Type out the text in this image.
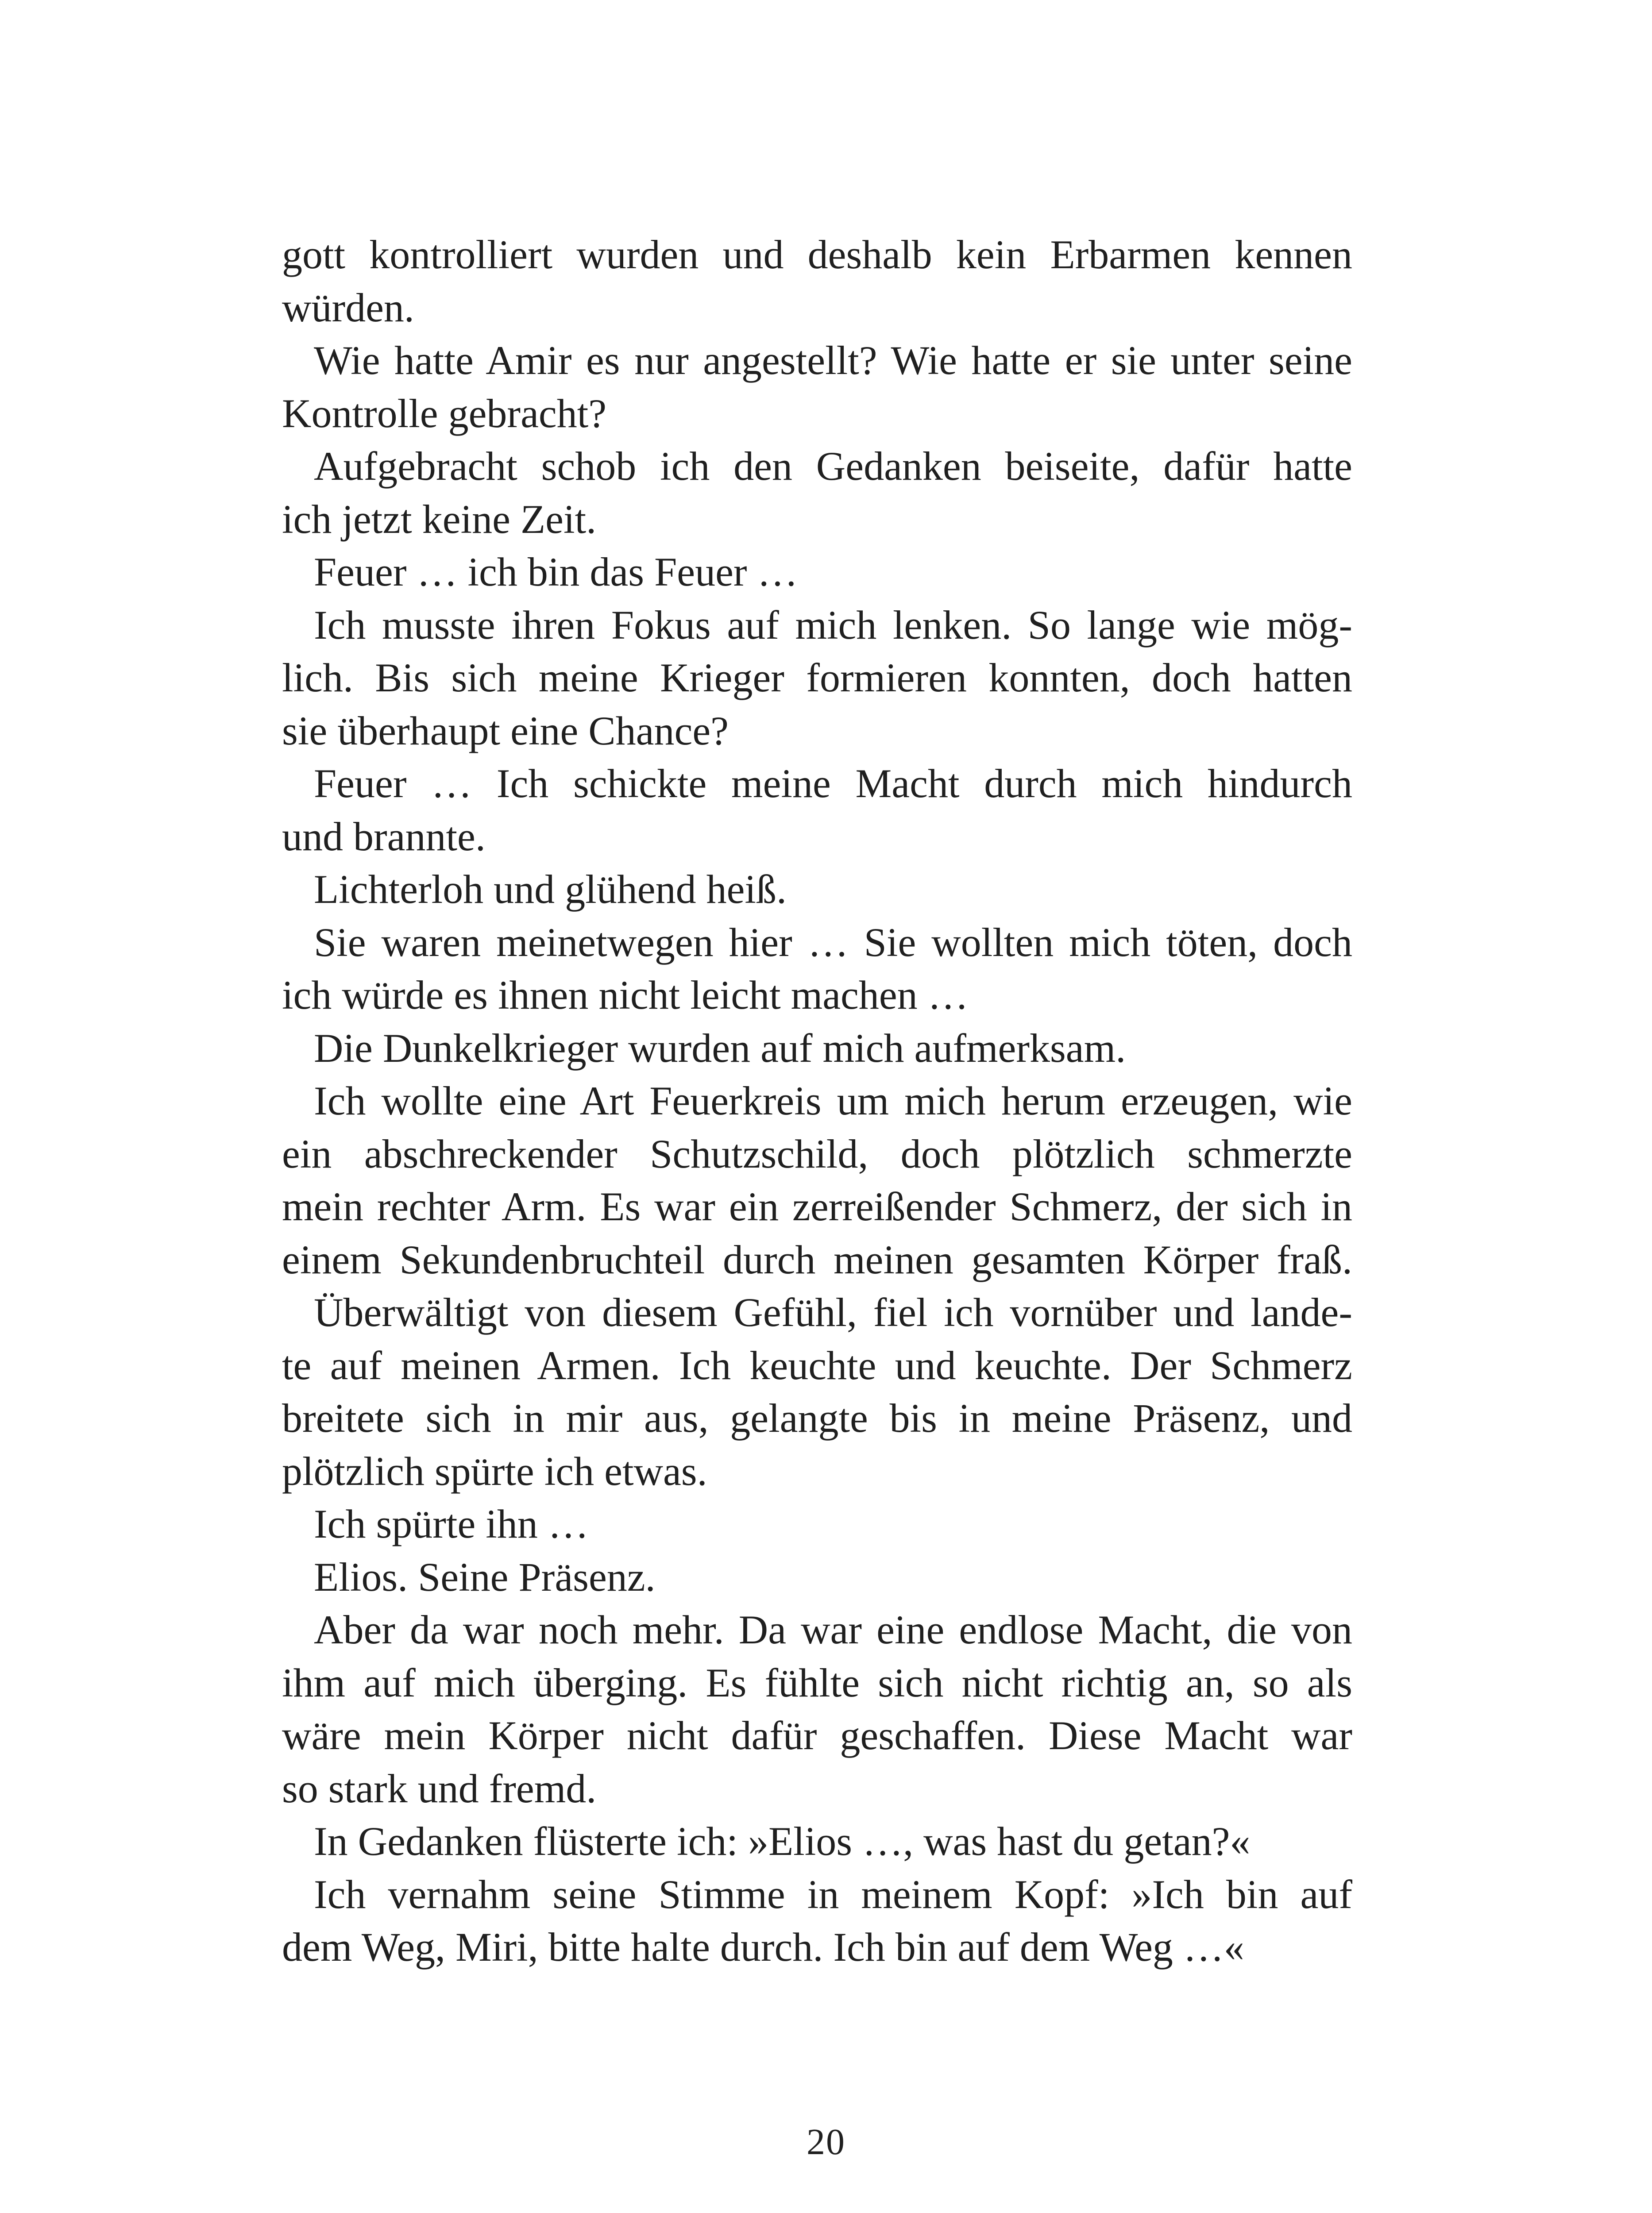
gott kontrolliert wurden und deshalb kein Erbarmen kennen
würden.
Wie hatte Amir es nur angestellt? Wie hatte er sie unter seine
Kontrolle gebracht?
Aufgebracht schob ich den Gedanken beiseite, dafür hatte
ich jetzt keine Zeit.
Feuer … ich bin das Feuer …
Ich musste ihren Fokus auf mich lenken. So lange wie mög-
lich. Bis sich meine Krieger formieren konnten, doch hatten
sie überhaupt eine Chance?
Feuer … Ich schickte meine Macht durch mich hindurch
und brannte.
Lichterloh und glühend heiß.
Sie waren meinetwegen hier … Sie wollten mich töten, doch
ich würde es ihnen nicht leicht machen …
Die Dunkelkrieger wurden auf mich aufmerksam.
Ich wollte eine Art Feuerkreis um mich herum erzeugen, wie
ein abschreckender Schutzschild, doch plötzlich schmerzte
mein rechter Arm. Es war ein zerreißender Schmerz, der sich in
einem Sekundenbruchteil durch meinen gesamten Körper fraß.
Überwältigt von diesem Gefühl, fiel ich vornüber und lande-
te auf meinen Armen. Ich keuchte und keuchte. Der Schmerz
breitete sich in mir aus, gelangte bis in meine Präsenz, und
plötzlich spürte ich etwas.
Ich spürte ihn …
Elios. Seine Präsenz.
Aber da war noch mehr. Da war eine endlose Macht, die von
ihm auf mich überging. Es fühlte sich nicht richtig an, so als
wäre mein Körper nicht dafür geschaffen. Diese Macht war
so stark und fremd.
In Gedanken flüsterte ich: »Elios …, was hast du getan?«
Ich vernahm seine Stimme in meinem Kopf: »Ich bin auf
dem Weg, Miri, bitte halte durch. Ich bin auf dem Weg …«
20
